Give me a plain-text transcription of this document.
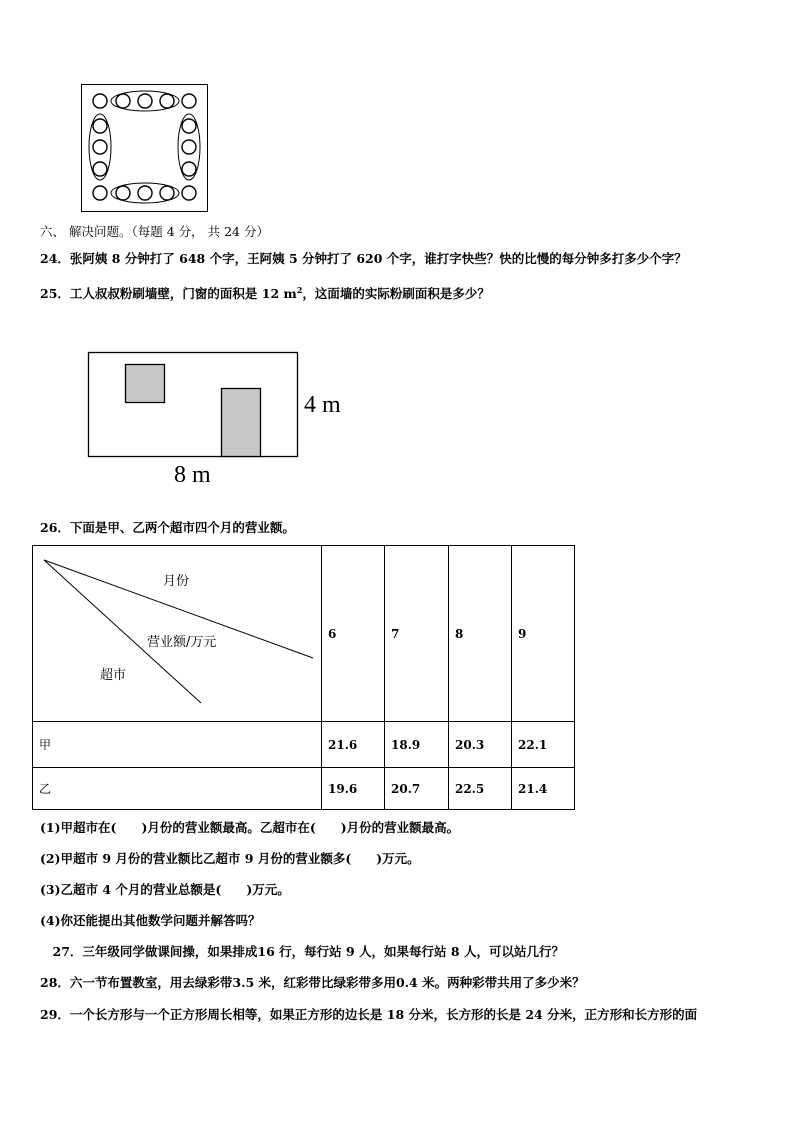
六、 解决问题。（每题 4 分， 共 24 分）
24．张阿姨 8 分钟打了 648 个字，王阿姨 5 分钟打了 620 个字，谁打字快些？快的比慢的每分钟多打多少个字？
25．工人叔叔粉刷墙壁，门窗的面积是 12 $m^2$，这面墙的实际粉刷面积是多少？
4 m
8 m
26．下面是甲、乙两个超市四个月的营业额。
月份
营业额/万元
超市	6	7	8	9
甲	21.6	18.9	20.3	22.1
乙	19.6	20.7	22.5	21.4
(1)甲超市在(　　)月份的营业额最高。乙超市在(　　)月份的营业额最高。
(2)甲超市 9 月份的营业额比乙超市 9 月份的营业额多(　　)万元。
(3)乙超市 4 个月的营业总额是(　　)万元。
(4)你还能提出其他数学问题并解答吗？
　27．三年级同学做课间操，如果排成16 行，每行站 9 人，如果每行站 8 人，可以站几行？
28．六一节布置教室，用去绿彩带3.5 米，红彩带比绿彩带多用0.4 米。两种彩带共用了多少米？
29．一个长方形与一个正方形周长相等，如果正方形的边长是 18 分米，长方形的长是 24 分米，正方形和长方形的面
